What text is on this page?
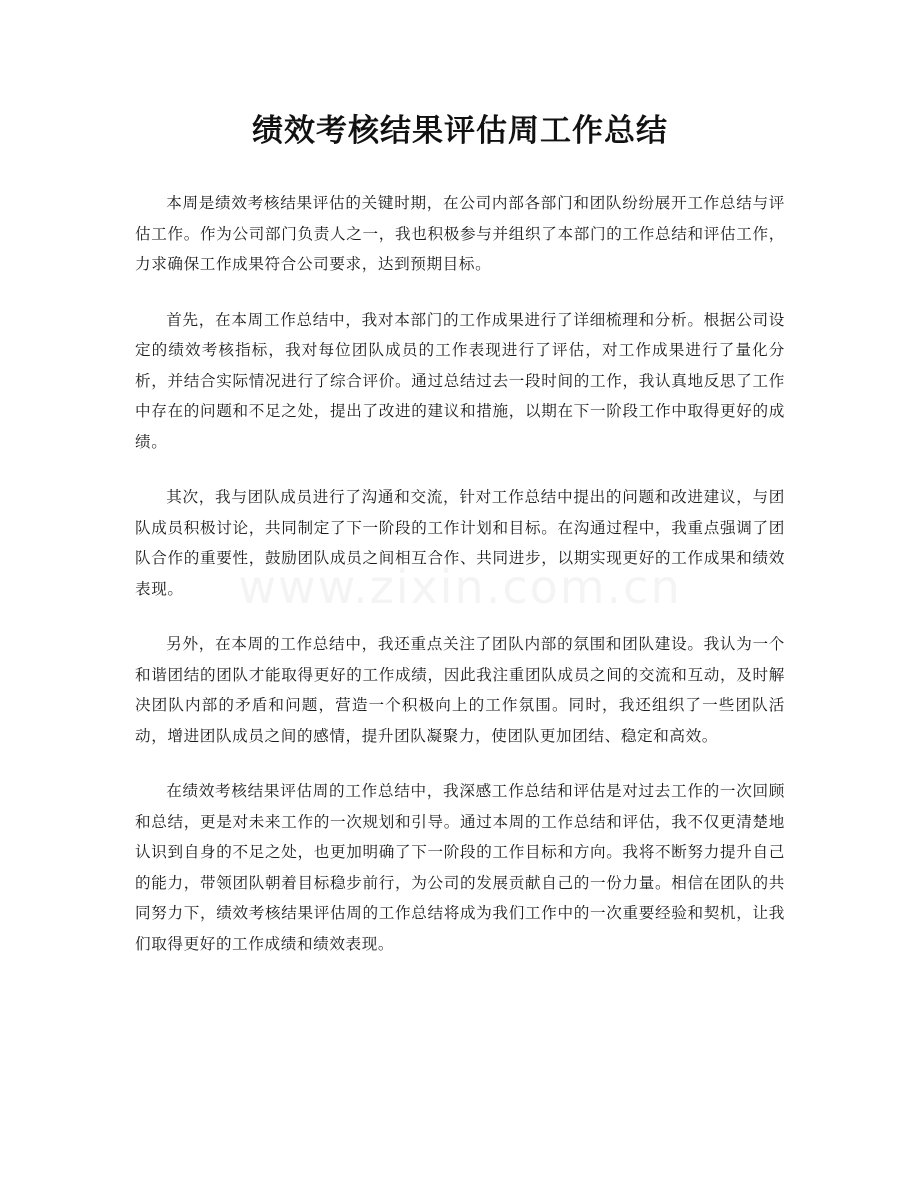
绩效考核结果评估周工作总结

本周是绩效考核结果评估的关键时期，在公司内部各部门和团队纷纷展开工作总结与评估工作。作为公司部门负责人之一，我也积极参与并组织了本部门的工作总结和评估工作，力求确保工作成果符合公司要求，达到预期目标。

首先，在本周工作总结中，我对本部门的工作成果进行了详细梳理和分析。根据公司设定的绩效考核指标，我对每位团队成员的工作表现进行了评估，对工作成果进行了量化分析，并结合实际情况进行了综合评价。通过总结过去一段时间的工作，我认真地反思了工作中存在的问题和不足之处，提出了改进的建议和措施，以期在下一阶段工作中取得更好的成绩。

其次，我与团队成员进行了沟通和交流，针对工作总结中提出的问题和改进建议，与团队成员积极讨论，共同制定了下一阶段的工作计划和目标。在沟通过程中，我重点强调了团队合作的重要性，鼓励团队成员之间相互合作、共同进步，以期实现更好的工作成果和绩效表现。

另外，在本周的工作总结中，我还重点关注了团队内部的氛围和团队建设。我认为一个和谐团结的团队才能取得更好的工作成绩，因此我注重团队成员之间的交流和互动，及时解决团队内部的矛盾和问题，营造一个积极向上的工作氛围。同时，我还组织了一些团队活动，增进团队成员之间的感情，提升团队凝聚力，使团队更加团结、稳定和高效。

在绩效考核结果评估周的工作总结中，我深感工作总结和评估是对过去工作的一次回顾和总结，更是对未来工作的一次规划和引导。通过本周的工作总结和评估，我不仅更清楚地认识到自身的不足之处，也更加明确了下一阶段的工作目标和方向。我将不断努力提升自己的能力，带领团队朝着目标稳步前行，为公司的发展贡献自己的一份力量。相信在团队的共同努力下，绩效考核结果评估周的工作总结将成为我们工作中的一次重要经验和契机，让我们取得更好的工作成绩和绩效表现。

www.zixin.com.cn
